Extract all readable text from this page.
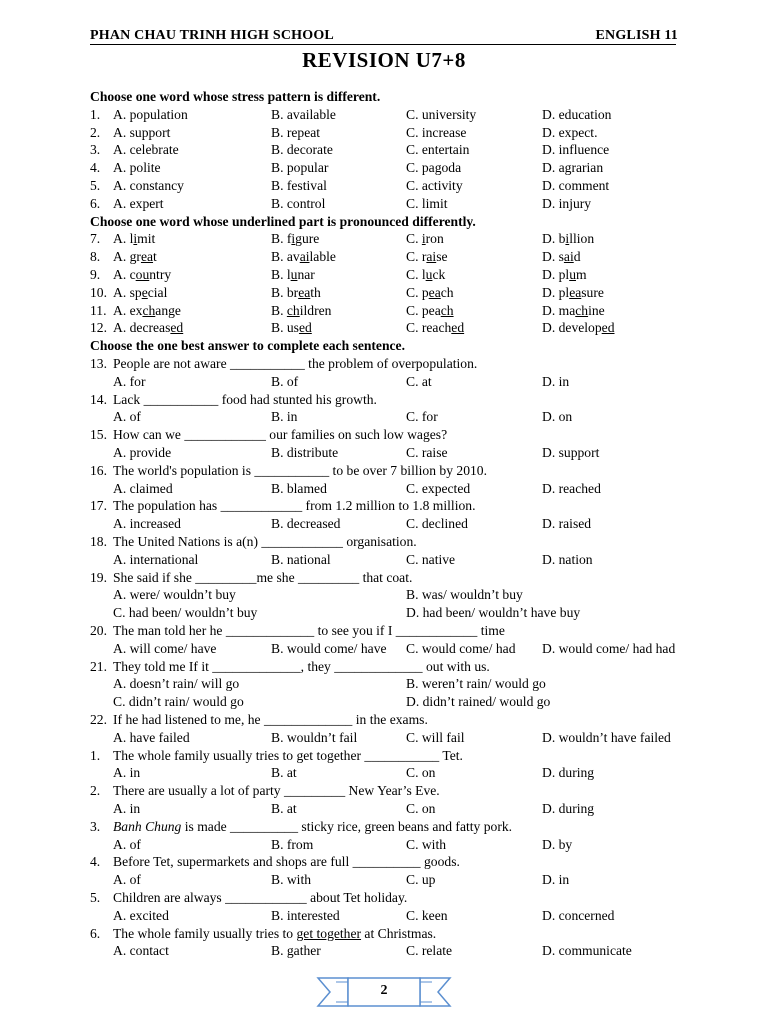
PHAN CHAU TRINH HIGH SCHOOL	ENGLISH 11
REVISION U7+8
Choose one word whose stress pattern is different.
1. A. population	B. available	C. university	D. education
2. A. support	B. repeat	C. increase	D. expect.
3. A. celebrate	B. decorate	C. entertain	D. influence
4. A. polite	B. popular	C. pagoda	D. agrarian
5. A. constancy	B. festival	C. activity	D. comment
6. A. expert	B. control	C. limit	D. injury
Choose one word whose underlined part is pronounced differently.
7. A. limit	B. figure	C. iron	D. billion
8. A. great	B. available	C. raise	D. said
9. A. country	B. lunar	C. luck	D. plum
10. A. special	B. breath	C. peach	D. pleasure
11. A. exchange	B. children	C. peach	D. machine
12. A. decreased	B. used	C. reached	D. developed
Choose the one best answer to complete each sentence.
13. People are not aware ___________ the problem of overpopulation.
A. for	B. of	C. at	D. in
14. Lack ___________ food had stunted his growth.
A. of	B. in	C. for	D. on
15. How can we ____________ our families on such low wages?
A. provide	B. distribute	C. raise	D. support
16. The world's population is ___________ to be over 7 billion by 2010.
A. claimed	B. blamed	C. expected	D. reached
17. The population has ____________ from 1.2 million to 1.8 million.
A. increased	B. decreased	C. declined	D. raised
18. The United Nations is a(n) ____________ organisation.
A. international	B. national	C. native	D. nation
19. She said if she _________me she _________ that coat.
A. were/ wouldn’t buy	B. was/ wouldn’t buy
C. had been/ wouldn’t buy	D. had been/ wouldn’t have buy
20. The man told her he _____________ to see you if I ____________ time
A. will come/ have	B. would come/ have C. would come/ had D. would come/ had had
21. They told me If it _____________, they _____________ out with us.
A. doesn’t rain/ will go	B. weren’t rain/ would go
C. didn’t rain/ would go	D. didn’t rained/ would go
22. If he had listened to me, he _____________ in the exams.
A. have failed	B. wouldn’t fail	C. will fail	D. wouldn’t have failed
1. The whole family usually tries to get together ___________ Tet.
A. in	B. at	C. on	D. during
2. There are usually a lot of party _________ New Year’s Eve.
A. in	B. at	C. on	D. during
3. Banh Chung is made __________ sticky rice, green beans and fatty pork.
A. of	B. from	C. with	D. by
4. Before Tet, supermarkets and shops are full __________ goods.
A. of	B. with	C. up	D. in
5. Children are always ____________ about Tet holiday.
A. excited	B. interested	C. keen	D. concerned
6. The whole family usually tries to get together at Christmas.
A. contact	B. gather	C. relate	D. communicate
2
